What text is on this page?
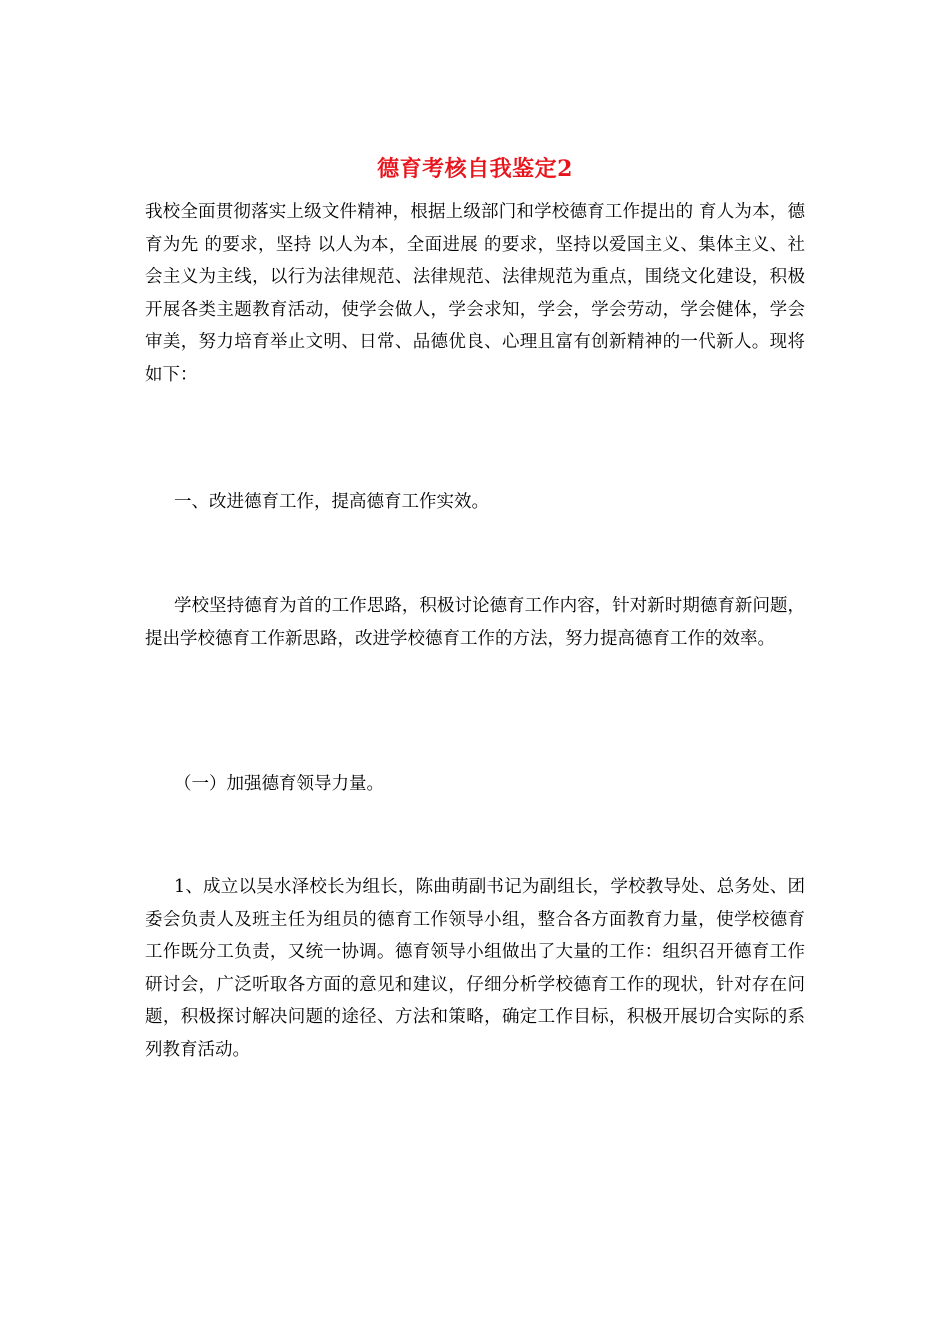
德育考核自我鉴定2

我校全面贯彻落实上级文件精神，根据上级部门和学校德育工作提出的 育人为本，德育为先 的要求，坚持 以人为本，全面进展 的要求，坚持以爱国主义、集体主义、社会主义为主线，以行为法律规范、法律规范、法律规范为重点，围绕文化建设，积极开展各类主题教育活动，使学会做人，学会求知，学会，学会劳动，学会健体，学会审美，努力培育举止文明、日常、品德优良、心理且富有创新精神的一代新人。现将如下：

一、改进德育工作，提高德育工作实效。

学校坚持德育为首的工作思路，积极讨论德育工作内容，针对新时期德育新问题，提出学校德育工作新思路，改进学校德育工作的方法，努力提高德育工作的效率。

（一）加强德育领导力量。

1、成立以吴水泽校长为组长，陈曲萌副书记为副组长，学校教导处、总务处、团委会负责人及班主任为组员的德育工作领导小组，整合各方面教育力量，使学校德育工作既分工负责，又统一协调。德育领导小组做出了大量的工作：组织召开德育工作研讨会，广泛听取各方面的意见和建议，仔细分析学校德育工作的现状，针对存在问题，积极探讨解决问题的途径、方法和策略，确定工作目标，积极开展切合实际的系列教育活动。
